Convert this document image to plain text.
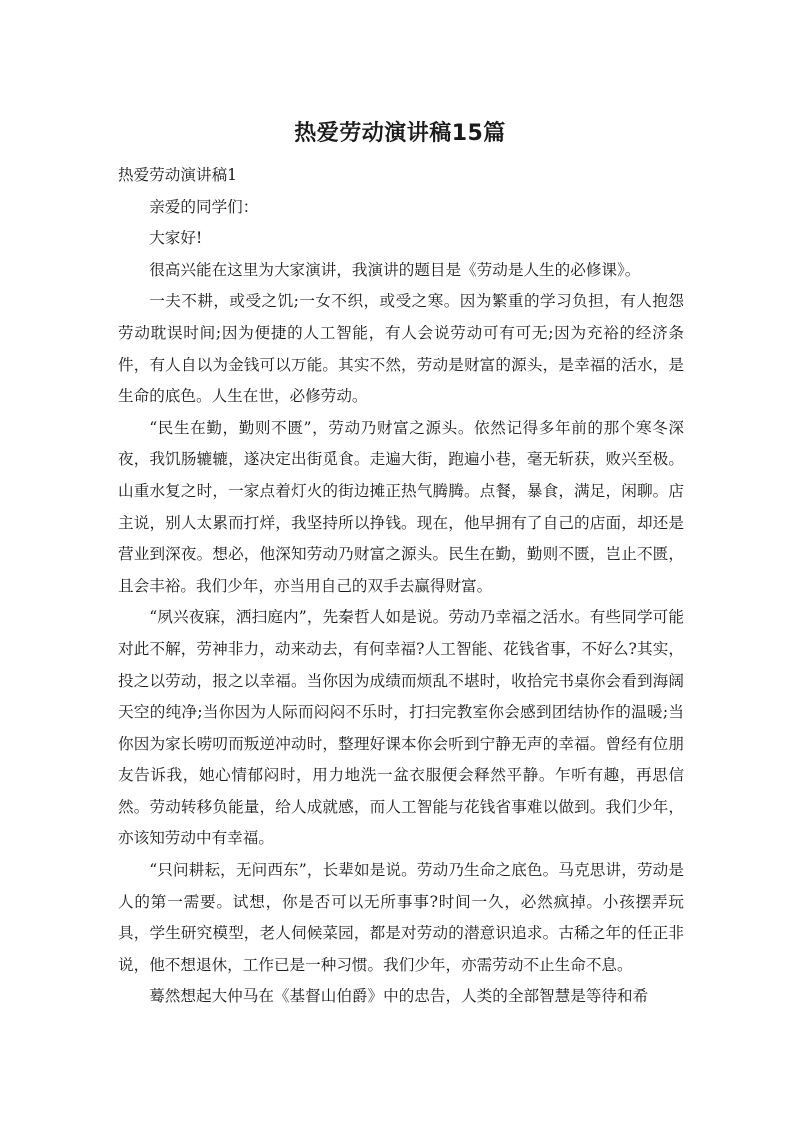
热爱劳动演讲稿15篇

热爱劳动演讲稿1

亲爱的同学们：

大家好!

很高兴能在这里为大家演讲，我演讲的题目是《劳动是人生的必修课》。

一夫不耕，或受之饥;一女不织，或受之寒。因为繁重的学习负担，有人抱怨劳动耽误时间;因为便捷的人工智能，有人会说劳动可有可无;因为充裕的经济条件，有人自以为金钱可以万能。其实不然，劳动是财富的源头，是幸福的活水，是生命的底色。人生在世，必修劳动。

“民生在勤，勤则不匮”，劳动乃财富之源头。依然记得多年前的那个寒冬深夜，我饥肠辘辘，遂决定出街觅食。走遍大街，跑遍小巷，毫无斩获，败兴至极。山重水复之时，一家点着灯火的街边摊正热气腾腾。点餐，暴食，满足，闲聊。店主说，别人太累而打烊，我坚持所以挣钱。现在，他早拥有了自己的店面，却还是营业到深夜。想必，他深知劳动乃财富之源头。民生在勤，勤则不匮，岂止不匮，且会丰裕。我们少年，亦当用自己的双手去赢得财富。

“夙兴夜寐，洒扫庭内”，先秦哲人如是说。劳动乃幸福之活水。有些同学可能对此不解，劳神非力，动来动去，有何幸福?人工智能、花钱省事，不好么?其实，投之以劳动，报之以幸福。当你因为成绩而烦乱不堪时，收拾完书桌你会看到海阔天空的纯净;当你因为人际而闷闷不乐时，打扫完教室你会感到团结协作的温暖;当你因为家长唠叨而叛逆冲动时，整理好课本你会听到宁静无声的幸福。曾经有位朋友告诉我，她心情郁闷时，用力地洗一盆衣服便会释然平静。乍听有趣，再思信然。劳动转移负能量，给人成就感，而人工智能与花钱省事难以做到。我们少年，亦该知劳动中有幸福。

“只问耕耘，无问西东”，长辈如是说。劳动乃生命之底色。马克思讲，劳动是人的第一需要。试想，你是否可以无所事事?时间一久，必然疯掉。小孩摆弄玩具，学生研究模型，老人伺候菜园，都是对劳动的潜意识追求。古稀之年的任正非说，他不想退休，工作已是一种习惯。我们少年，亦需劳动不止生命不息。

蓦然想起大仲马在《基督山伯爵》中的忠告，人类的全部智慧是等待和希
